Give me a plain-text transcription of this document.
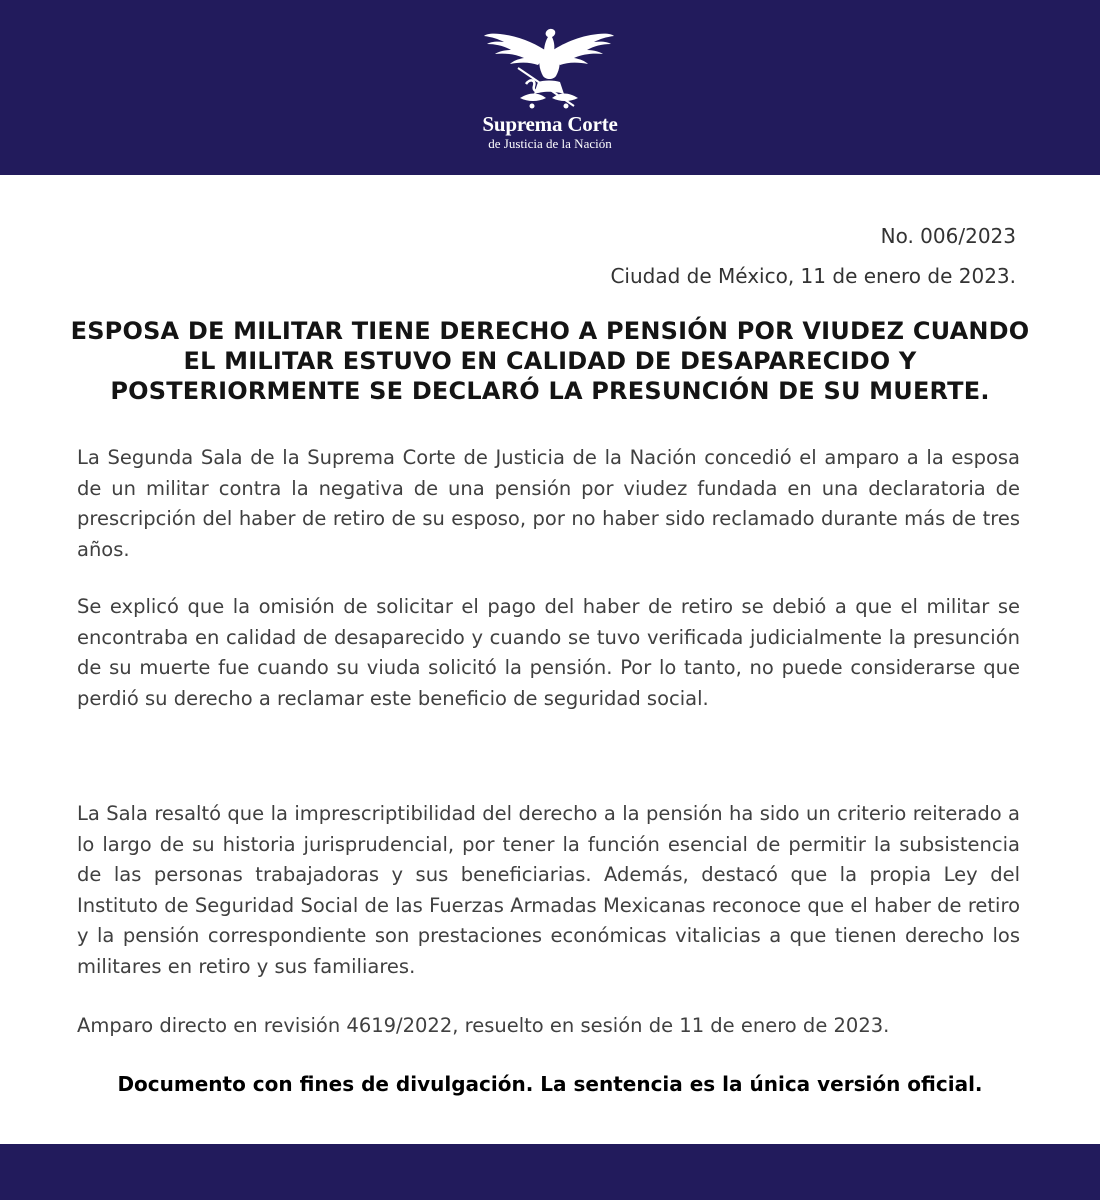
Suprema Corte
de Justicia de la Nación
No. 006/2023
Ciudad de México, 11 de enero de 2023.
ESPOSA DE MILITAR TIENE DERECHO A PENSIÓN POR VIUDEZ CUANDO EL MILITAR ESTUVO EN CALIDAD DE DESAPARECIDO Y POSTERIORMENTE SE DECLARÓ LA PRESUNCIÓN DE SU MUERTE.
La Segunda Sala de la Suprema Corte de Justicia de la Nación concedió el amparo a la esposa de un militar contra la negativa de una pensión por viudez fundada en una declaratoria de prescripción del haber de retiro de su esposo, por no haber sido reclamado durante más de tres años.
Se explicó que la omisión de solicitar el pago del haber de retiro se debió a que el militar se encontraba en calidad de desaparecido y cuando se tuvo verificada judicialmente la presunción de su muerte fue cuando su viuda solicitó la pensión. Por lo tanto, no puede considerarse que perdió su derecho a reclamar este beneficio de seguridad social.
La Sala resaltó que la imprescriptibilidad del derecho a la pensión ha sido un criterio reiterado a lo largo de su historia jurisprudencial, por tener la función esencial de permitir la subsistencia de las personas trabajadoras y sus beneficiarias. Además, destacó que la propia Ley del Instituto de Seguridad Social de las Fuerzas Armadas Mexicanas reconoce que el haber de retiro y la pensión correspondiente son prestaciones económicas vitalicias a que tienen derecho los militares en retiro y sus familiares.
Amparo directo en revisión 4619/2022, resuelto en sesión de 11 de enero de 2023.
Documento con fines de divulgación. La sentencia es la única versión oficial.
